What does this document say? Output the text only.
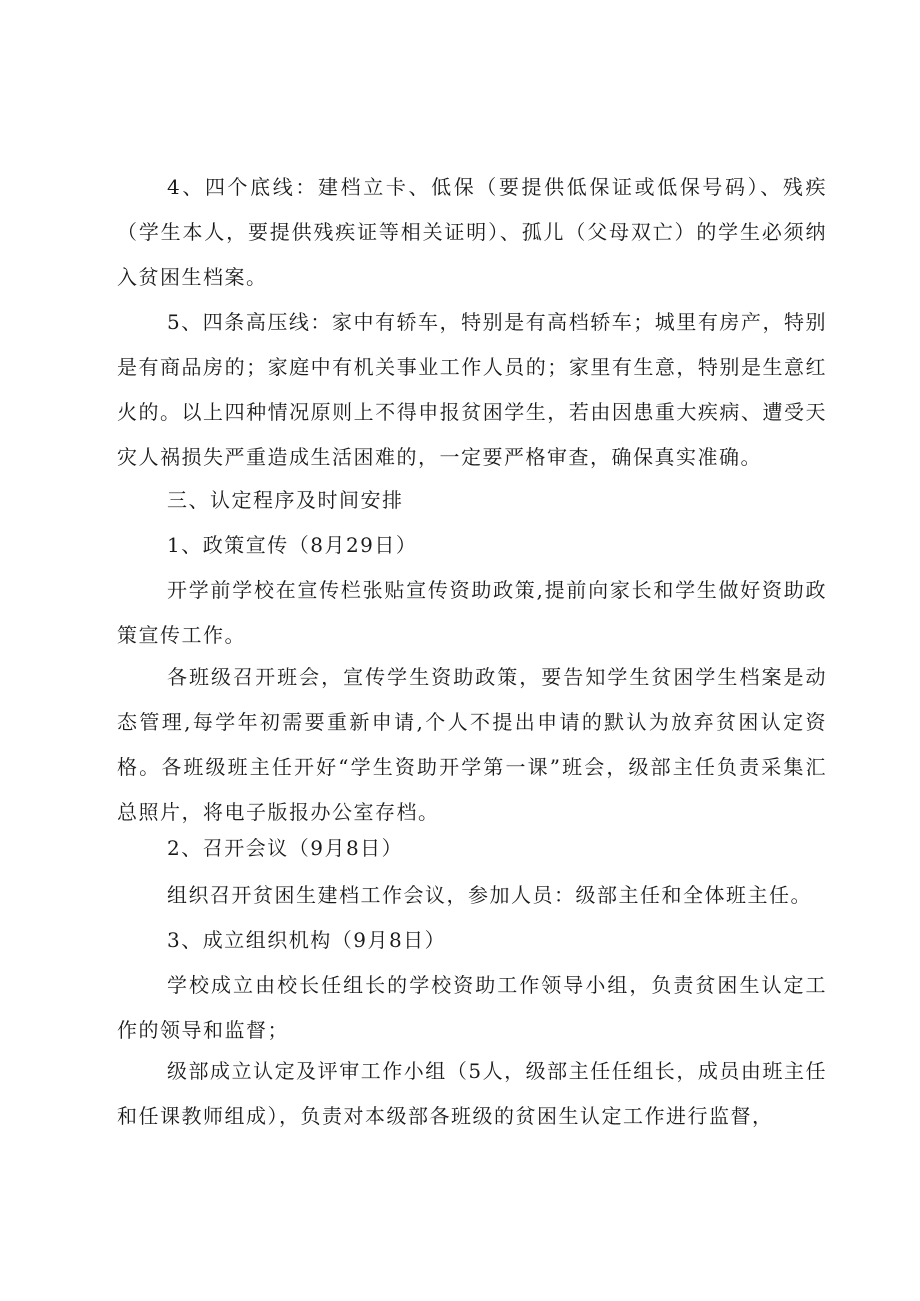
4、四个底线：建档立卡、低保（要提供低保证或低保号码）、残疾（学生本人，要提供残疾证等相关证明）、孤儿（父母双亡）的学生必须纳入贫困生档案。

5、四条高压线：家中有轿车，特别是有高档轿车；城里有房产，特别是有商品房的；家庭中有机关事业工作人员的；家里有生意，特别是生意红火的。以上四种情况原则上不得申报贫困学生，若由因患重大疾病、遭受天灾人祸损失严重造成生活困难的，一定要严格审查，确保真实准确。

三、认定程序及时间安排

1、政策宣传（8月29日）

开学前学校在宣传栏张贴宣传资助政策,提前向家长和学生做好资助政策宣传工作。

各班级召开班会，宣传学生资助政策，要告知学生贫困学生档案是动态管理,每学年初需要重新申请,个人不提出申请的默认为放弃贫困认定资格。各班级班主任开好“学生资助开学第一课”班会，级部主任负责采集汇总照片，将电子版报办公室存档。

2、召开会议（9月8日）

组织召开贫困生建档工作会议，参加人员：级部主任和全体班主任。

3、成立组织机构（9月8日）

学校成立由校长任组长的学校资助工作领导小组，负责贫困生认定工作的领导和监督；

级部成立认定及评审工作小组（5人，级部主任任组长，成员由班主任和任课教师组成），负责对本级部各班级的贫困生认定工作进行监督，
